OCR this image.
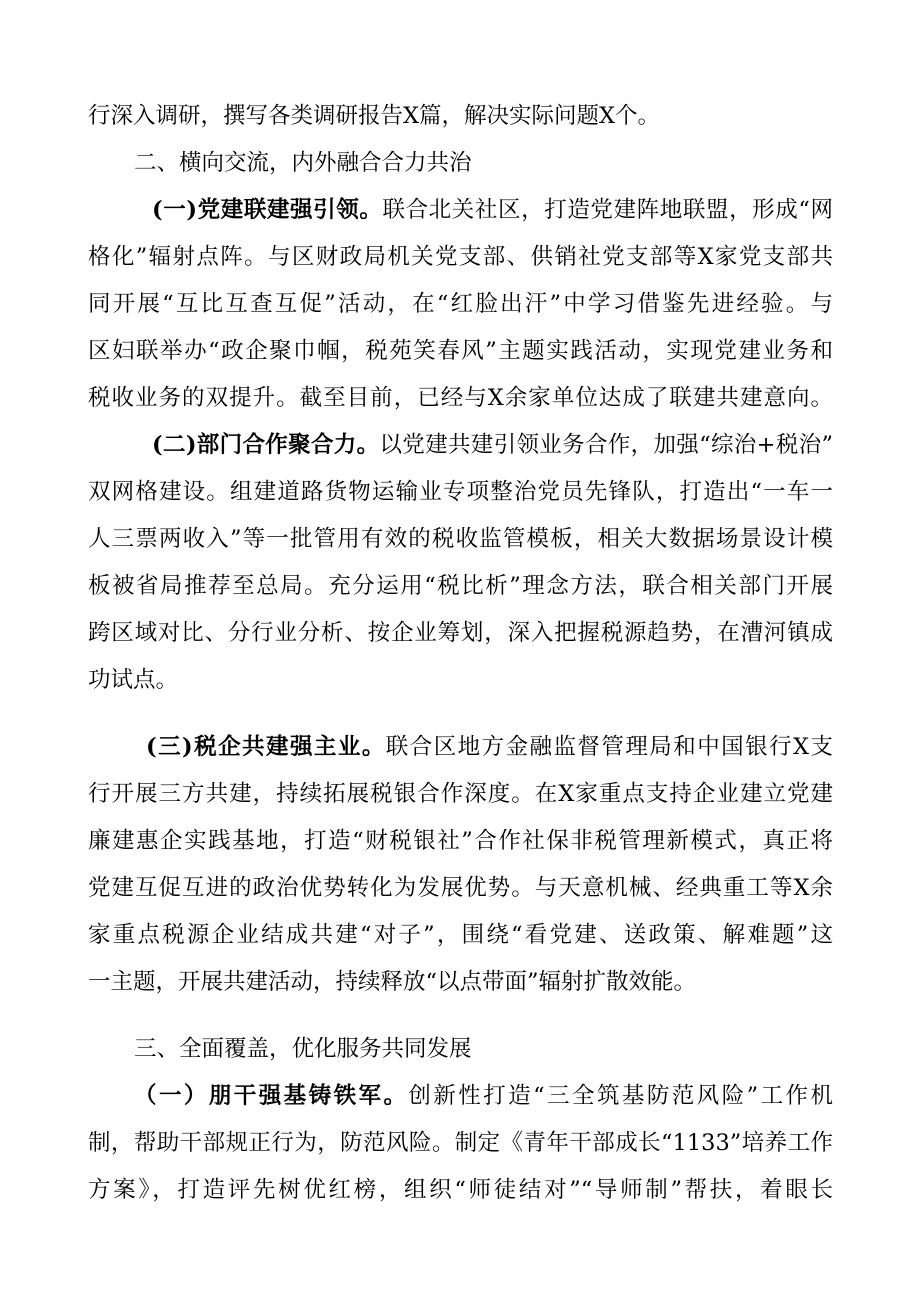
行深入调研，撰写各类调研报告X篇，解决实际问题X个。
二、横向交流，内外融合合力共治
(一)党建联建强引领。联合北关社区，打造党建阵地联盟，形成“网
格化”辐射点阵。与区财政局机关党支部、供销社党支部等X家党支部共
同开展“互比互查互促”活动，在“红脸出汗”中学习借鉴先进经验。与
区妇联举办“政企聚巾帼，税苑笑春风”主题实践活动，实现党建业务和
税收业务的双提升。截至目前，已经与X余家单位达成了联建共建意向。
(二)部门合作聚合力。以党建共建引领业务合作，加强“综治+税治”
双网格建设。组建道路货物运输业专项整治党员先锋队，打造出“一车一
人三票两收入”等一批管用有效的税收监管模板，相关大数据场景设计模
板被省局推荐至总局。充分运用“税比析”理念方法，联合相关部门开展
跨区域对比、分行业分析、按企业筹划，深入把握税源趋势，在漕河镇成
功试点。
(三)税企共建强主业。联合区地方金融监督管理局和中国银行X支
行开展三方共建，持续拓展税银合作深度。在X家重点支持企业建立党建
廉建惠企实践基地，打造“财税银社”合作社保非税管理新模式，真正将
党建互促互进的政治优势转化为发展优势。与天意机械、经典重工等X余
家重点税源企业结成共建“对子”，围绕“看党建、送政策、解难题”这
一主题，开展共建活动，持续释放“以点带面”辐射扩散效能。
三、全面覆盖，优化服务共同发展
（一）朋干强基铸铁军。创新性打造“三全筑基防范风险”工作机
制，帮助干部规正行为，防范风险。制定《青年干部成长“1133”培养工作
方案》，打造评先树优红榜，组织“师徒结对”“导师制”帮扶，着眼长
